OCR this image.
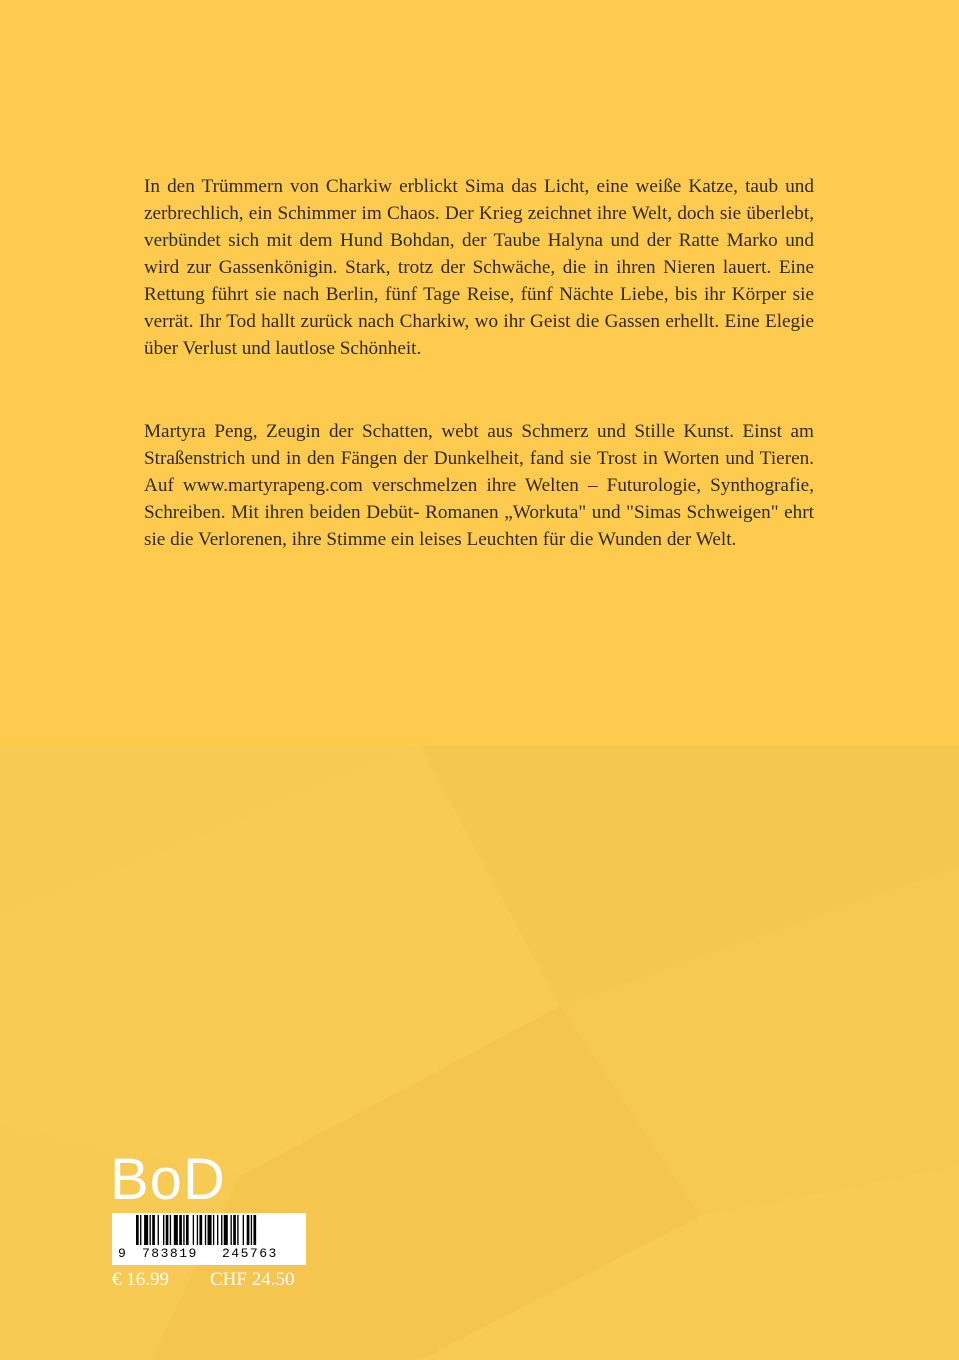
In den Trümmern von Charkiw erblickt Sima das Licht, eine weiße Katze, taub und zerbrechlich, ein Schimmer im Chaos. Der Krieg zeichnet ihre Welt, doch sie überlebt, verbündet sich mit dem Hund Bohdan, der Taube Halyna und der Ratte Marko und wird zur Gassenkönigin. Stark, trotz der Schwäche, die in ihren Nieren lauert. Eine Rettung führt sie nach Berlin, fünf Tage Reise, fünf Nächte Liebe, bis ihr Körper sie verrät. Ihr Tod hallt zurück nach Charkiw, wo ihr Geist die Gassen erhellt. Eine Elegie über Verlust und lautlose Schönheit.

Martyra Peng, Zeugin der Schatten, webt aus Schmerz und Stille Kunst. Einst am Straßenstrich und in den Fängen der Dunkelheit, fand sie Trost in Worten und Tieren. Auf www.martyrapeng.com verschmelzen ihre Welten – Futurologie, Synthografie, Schreiben. Mit ihren beiden Debüt- Romanen „Workuta" und "Simas Schweigen" ehrt sie die Verlorenen, ihre Stimme ein leises Leuchten für die Wunden der Welt.

BoD

9 783819 245763

€ 16.99 CHF 24.50
